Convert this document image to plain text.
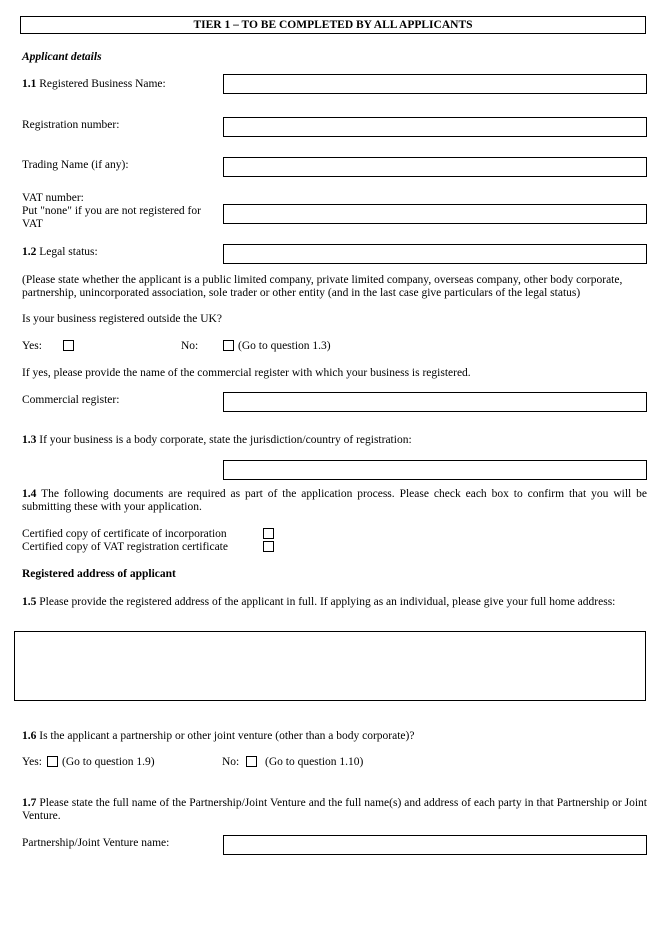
TIER 1 – TO BE COMPLETED BY ALL APPLICANTS
Applicant details
1.1 Registered Business Name:
Registration number:
Trading Name (if any):
VAT number:
Put "none" if you are not registered for
VAT
1.2 Legal status:
(Please state whether the applicant is a public limited company, private limited company, overseas company, other body corporate, partnership, unincorporated association, sole trader or other entity (and in the last case give particulars of the legal status)
Is your business registered outside the UK?
Yes:	No:	(Go to question 1.3)
If yes, please provide the name of the commercial register with which your business is registered.
Commercial register:
1.3 If your business is a body corporate, state the jurisdiction/country of registration:
1.4 The following documents are required as part of the application process. Please check each box to confirm that you will be submitting these with your application.
Certified copy of certificate of incorporation
Certified copy of VAT registration certificate
Registered address of applicant
1.5 Please provide the registered address of the applicant in full. If applying as an individual, please give your full home address:
1.6 Is the applicant a partnership or other joint venture (other than a body corporate)?
Yes: (Go to question 1.9)	No: (Go to question 1.10)
1.7 Please state the full name of the Partnership/Joint Venture and the full name(s) and address of each party in that Partnership or Joint Venture.
Partnership/Joint Venture name:
